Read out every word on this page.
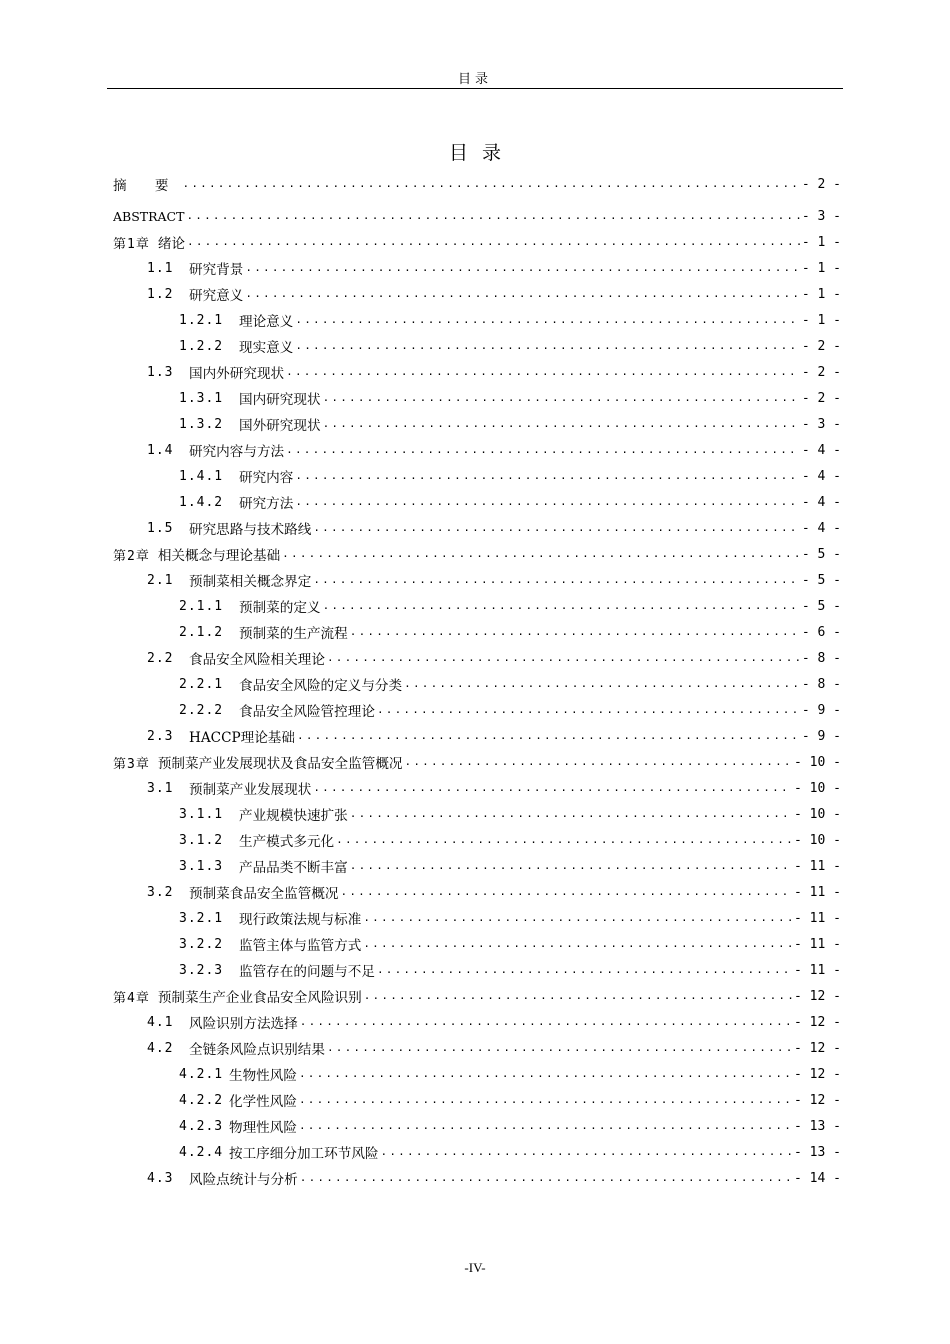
目录
目 录
摘 要 .....	- 2 -
ABSTRACT .....	- 3 -
第1章 绪论 .....	- 1 -
1.1	研究背景 .....	- 1 -
1.2	研究意义 .....	- 1 -
1.2.1	理论意义 .....	- 1 -
1.2.2	现实意义 .....	- 2 -
1.3	国内外研究现状 .....	- 2 -
1.3.1	国内研究现状 .....	- 2 -
1.3.2	国外研究现状 .....	- 3 -
1.4	研究内容与方法 .....	- 4 -
1.4.1	研究内容 .....	- 4 -
1.4.2	研究方法 .....	- 4 -
1.5	研究思路与技术路线 .....	- 4 -
第2章 相关概念与理论基础 .....	- 5 -
2.1	预制菜相关概念界定 .....	- 5 -
2.1.1	预制菜的定义 .....	- 5 -
2.1.2	预制菜的生产流程 .....	- 6 -
2.2	食品安全风险相关理论 .....	- 8 -
2.2.1	食品安全风险的定义与分类 .....	- 8 -
2.2.2	食品安全风险管控理论 .....	- 9 -
2.3	HACCP理论基础 .....	- 9 -
第3章 预制菜产业发展现状及食品安全监管概况 .....	- 10 -
3.1	预制菜产业发展现状 .....	- 10 -
3.1.1	产业规模快速扩张 .....	- 10 -
3.1.2	生产模式多元化 .....	- 10 -
3.1.3	产品品类不断丰富 .....	- 11 -
3.2	预制菜食品安全监管概况 .....	- 11 -
3.2.1	现行政策法规与标准 .....	- 11 -
3.2.2	监管主体与监管方式 .....	- 11 -
3.2.3	监管存在的问题与不足 .....	- 11 -
第4章 预制菜生产企业食品安全风险识别 .....	- 12 -
4.1	风险识别方法选择 .....	- 12 -
4.2	全链条风险点识别结果 .....	- 12 -
4.2.1 生物性风险 .....	- 12 -
4.2.2 化学性风险 .....	- 12 -
4.2.3 物理性风险 .....	- 13 -
4.2.4 按工序细分加工环节风险 .....	- 13 -
4.3	风险点统计与分析 .....	- 14 -
-IV-
